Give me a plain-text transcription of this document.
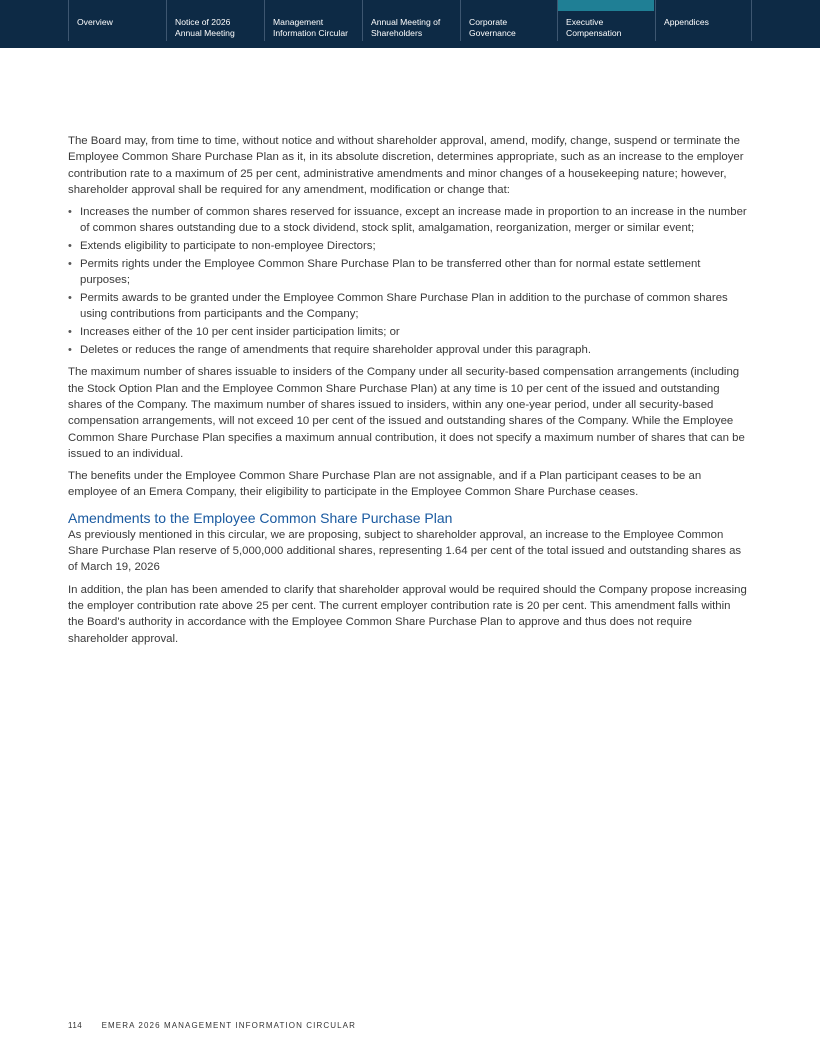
Overview	Notice of 2026
Annual Meeting
Management
Information Circular
Annual Meeting of
Shareholders
Corporate
Governance
Executive
Compensation
Appendices

The Board may, from time to time, without notice and without shareholder approval, amend, modify, change, suspend or terminate the Employee Common Share Purchase Plan as it, in its absolute discretion, determines appropriate, such as an increase to the employer contribution rate to a maximum of 25 per cent, administrative amendments and minor changes of a housekeeping nature; however, shareholder approval shall be required for any amendment, modification or change that:

• Increases the number of common shares reserved for issuance, except an increase made in proportion to an increase in the number of common shares outstanding due to a stock dividend, stock split, amalgamation, reorganization, merger or similar event;
• Extends eligibility to participate to non-employee Directors;
• Permits rights under the Employee Common Share Purchase Plan to be transferred other than for normal estate settlement purposes;
• Permits awards to be granted under the Employee Common Share Purchase Plan in addition to the purchase of common shares using contributions from participants and the Company;
• Increases either of the 10 per cent insider participation limits; or
• Deletes or reduces the range of amendments that require shareholder approval under this paragraph.

The maximum number of shares issuable to insiders of the Company under all security-based compensation arrangements (including the Stock Option Plan and the Employee Common Share Purchase Plan) at any time is 10 per cent of the issued and outstanding shares of the Company. The maximum number of shares issued to insiders, within any one-year period, under all security-based compensation arrangements, will not exceed 10 per cent of the issued and outstanding shares of the Company. While the Employee Common Share Purchase Plan specifies a maximum annual contribution, it does not specify a maximum number of shares that can be issued to an individual.

The benefits under the Employee Common Share Purchase Plan are not assignable, and if a Plan participant ceases to be an employee of an Emera Company, their eligibility to participate in the Employee Common Share Purchase ceases.

Amendments to the Employee Common Share Purchase Plan

As previously mentioned in this circular, we are proposing, subject to shareholder approval, an increase to the Employee Common Share Purchase Plan reserve of 5,000,000 additional shares, representing 1.64 per cent of the total issued and outstanding shares as of March 19, 2026

In addition, the plan has been amended to clarify that shareholder approval would be required should the Company propose increasing the employer contribution rate above 25 per cent. The current employer contribution rate is 20 per cent. This amendment falls within the Board's authority in accordance with the Employee Common Share Purchase Plan to approve and thus does not require shareholder approval.

114 EMERA 2026 MANAGEMENT INFORMATION CIRCULAR
